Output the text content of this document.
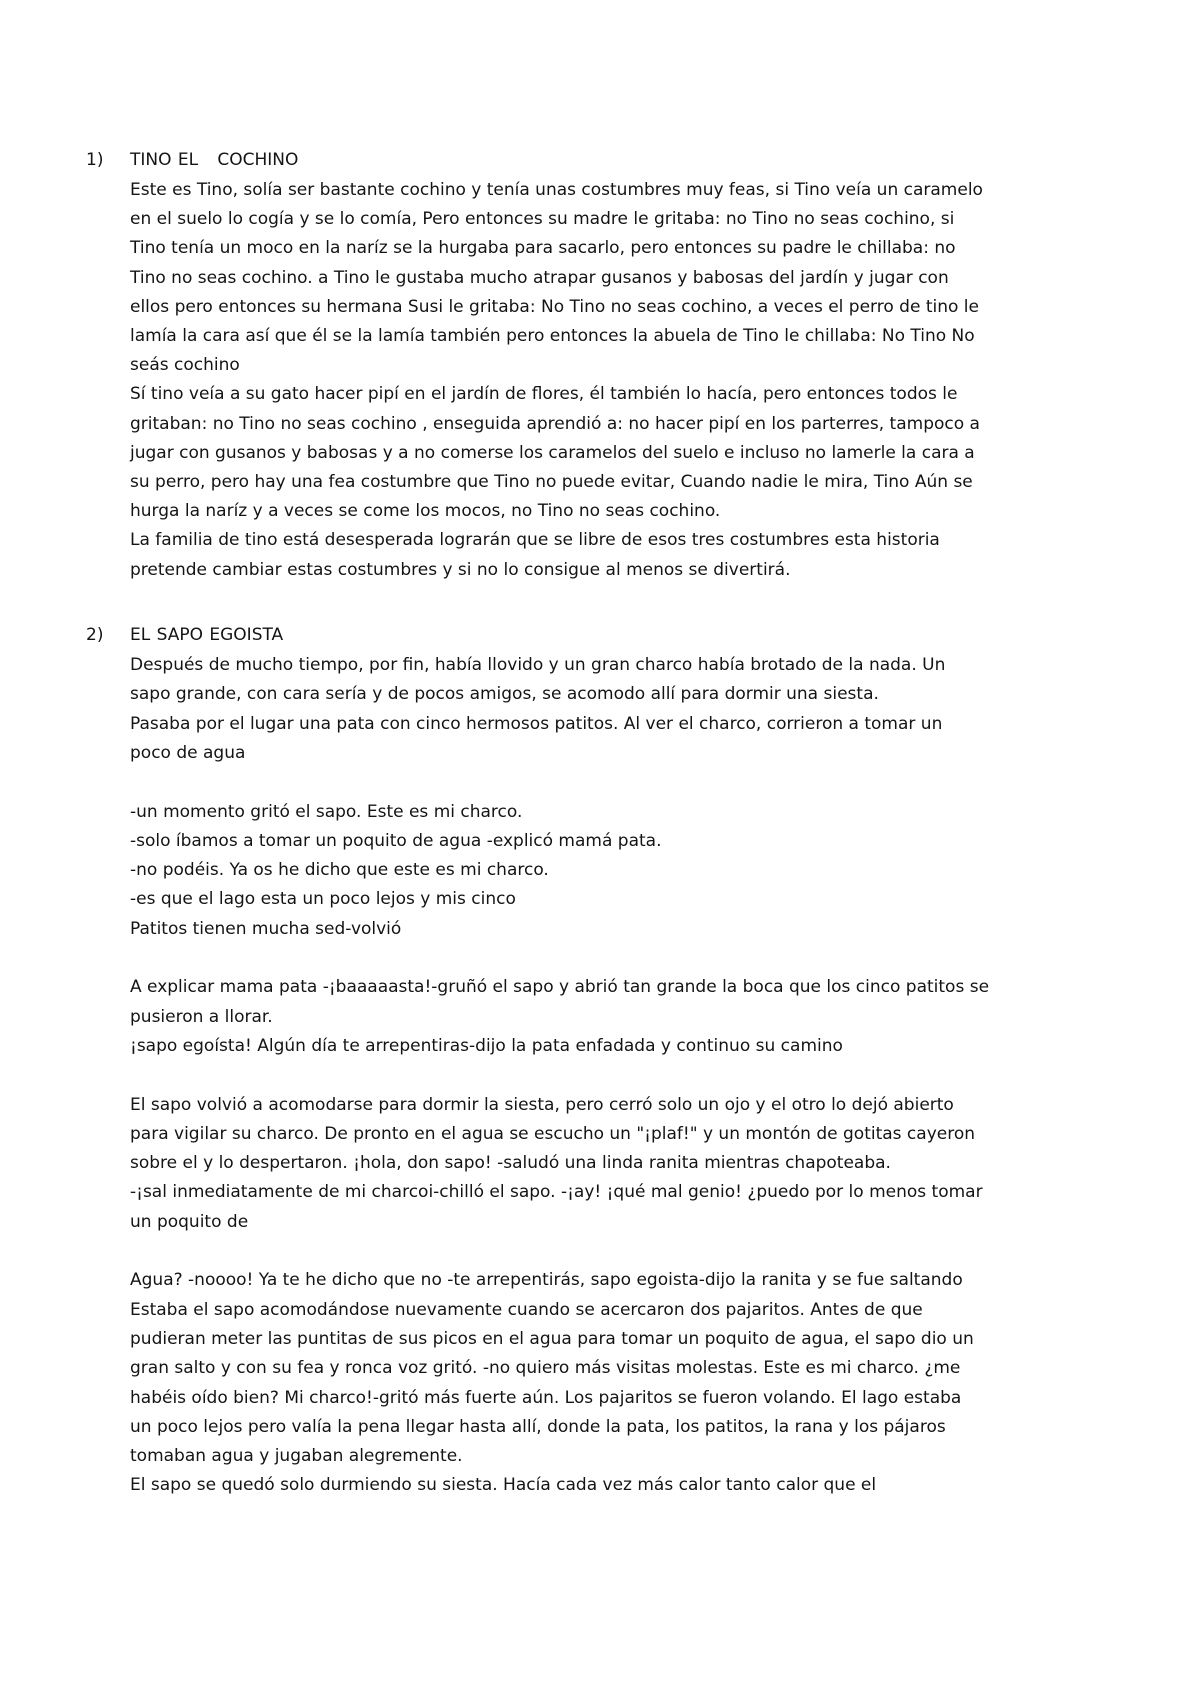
1) TINO EL   COCHINO
Este es Tino, solía ser bastante cochino y tenía unas costumbres muy feas, si Tino veía un caramelo
en el suelo lo cogía y se lo comía, Pero entonces su madre le gritaba: no Tino no seas cochino, si
Tino tenía un moco en la naríz se la hurgaba para sacarlo, pero entonces su padre le chillaba: no
Tino no seas cochino. a Tino le gustaba mucho atrapar gusanos y babosas del jardín y jugar con
ellos pero entonces su hermana Susi le gritaba: No Tino no seas cochino, a veces el perro de tino le
lamía la cara así que él se la lamía también pero entonces la abuela de Tino le chillaba: No Tino No
seás cochino
Sí tino veía a su gato hacer pipí en el jardín de flores, él también lo hacía, pero entonces todos le
gritaban: no Tino no seas cochino , enseguida aprendió a: no hacer pipí en los parterres, tampoco a
jugar con gusanos y babosas y a no comerse los caramelos del suelo e incluso no lamerle la cara a
su perro, pero hay una fea costumbre que Tino no puede evitar, Cuando nadie le mira, Tino Aún se
hurga la naríz y a veces se come los mocos, no Tino no seas cochino.
La familia de tino está desesperada lograrán que se libre de esos tres costumbres esta historia
pretende cambiar estas costumbres y si no lo consigue al menos se divertirá.
2) EL SAPO EGOISTA
Después de mucho tiempo, por fin, había llovido y un gran charco había brotado de la nada. Un
sapo grande, con cara sería y de pocos amigos, se acomodo allí para dormir una siesta.
Pasaba por el lugar una pata con cinco hermosos patitos. Al ver el charco, corrieron a tomar un
poco de agua
-un momento gritó el sapo. Este es mi charco.
-solo íbamos a tomar un poquito de agua -explicó mamá pata.
-no podéis. Ya os he dicho que este es mi charco.
-es que el lago esta un poco lejos y mis cinco
Patitos tienen mucha sed-volvió
A explicar mama pata -¡baaaaasta!-gruñó el sapo y abrió tan grande la boca que los cinco patitos se
pusieron a llorar.
¡sapo egoísta! Algún día te arrepentiras-dijo la pata enfadada y continuo su camino
El sapo volvió a acomodarse para dormir la siesta, pero cerró solo un ojo y el otro lo dejó abierto
para vigilar su charco. De pronto en el agua se escucho un "¡plaf!" y un montón de gotitas cayeron
sobre el y lo despertaron. ¡hola, don sapo! -saludó una linda ranita mientras chapoteaba.
-¡sal inmediatamente de mi charcoi-chilló el sapo. -¡ay! ¡qué mal genio! ¿puedo por lo menos tomar
un poquito de
Agua? -noooo! Ya te he dicho que no -te arrepentirás, sapo egoista-dijo la ranita y se fue saltando
Estaba el sapo acomodándose nuevamente cuando se acercaron dos pajaritos. Antes de que
pudieran meter las puntitas de sus picos en el agua para tomar un poquito de agua, el sapo dio un
gran salto y con su fea y ronca voz gritó. -no quiero más visitas molestas. Este es mi charco. ¿me
habéis oído bien? Mi charco!-gritó más fuerte aún. Los pajaritos se fueron volando. El lago estaba
un poco lejos pero valía la pena llegar hasta allí, donde la pata, los patitos, la rana y los pájaros
tomaban agua y jugaban alegremente.
El sapo se quedó solo durmiendo su siesta. Hacía cada vez más calor tanto calor que el
